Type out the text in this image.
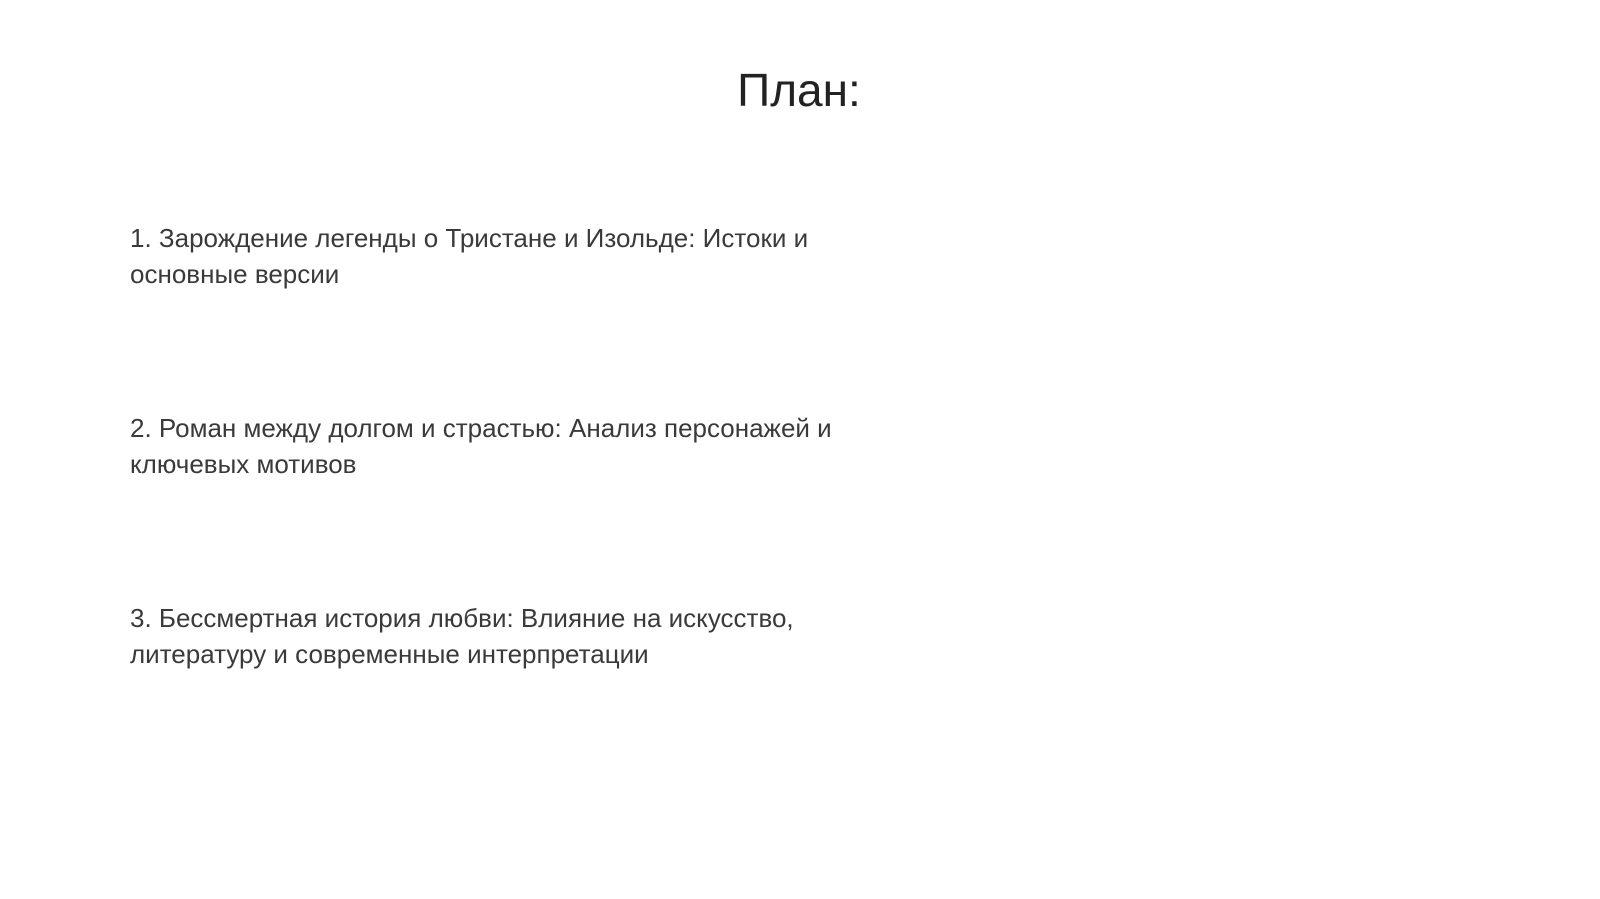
План:
1. Зарождение легенды о Тристане и Изольде: Истоки и основные версии
2. Роман между долгом и страстью: Анализ персонажей и ключевых мотивов
3. Бессмертная история любви: Влияние на искусство, литературу и современные интерпретации
